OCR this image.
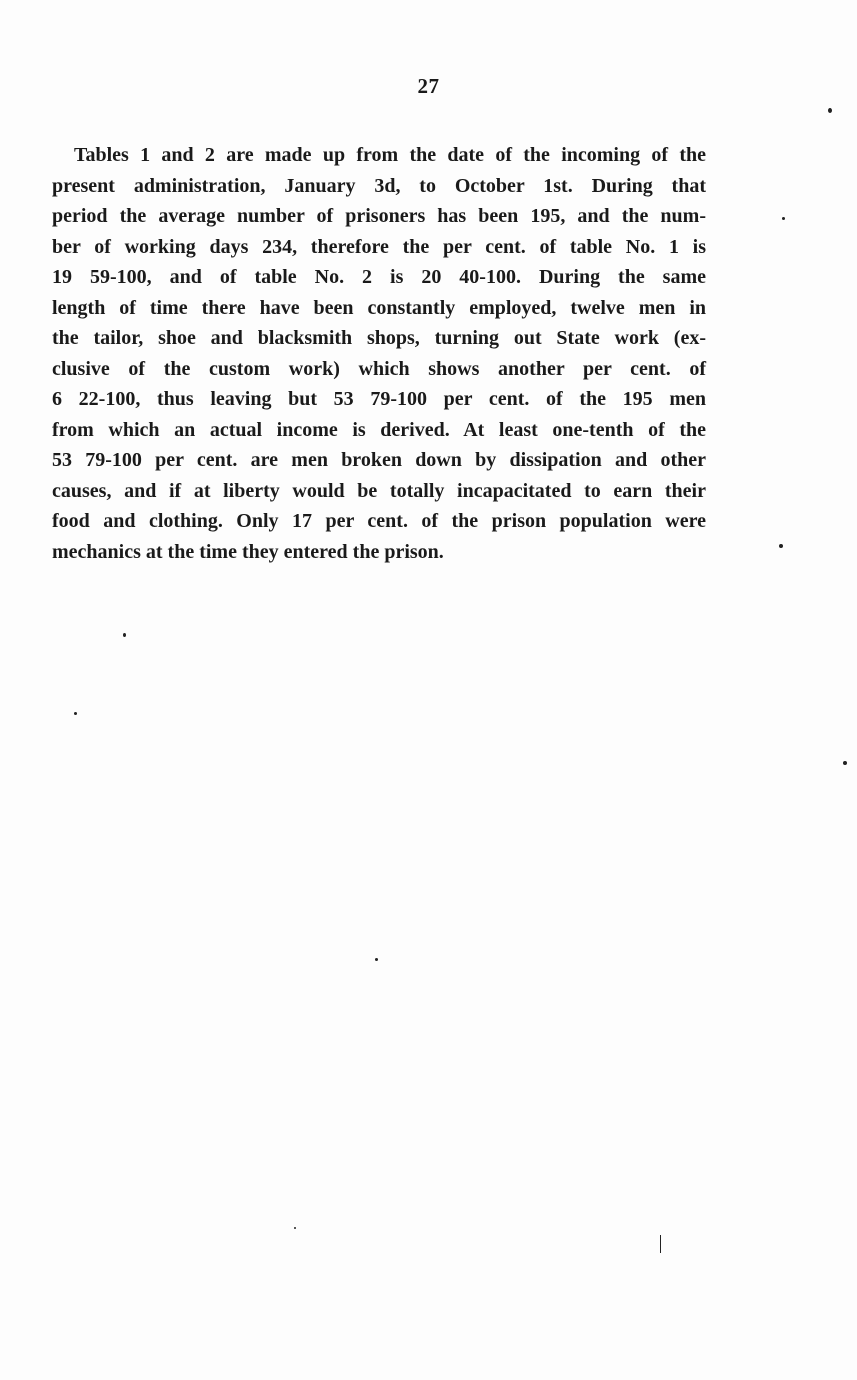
27
Tables 1 and 2 are made up from the date of the incoming of the
present administration, January 3d, to October 1st. During that
period the average number of prisoners has been 195, and the num-
ber of working days 234, therefore the per cent. of table No. 1 is
19 59-100, and of table No. 2 is 20 40-100. During the same
length of time there have been constantly employed, twelve men in
the tailor, shoe and blacksmith shops, turning out State work (ex-
clusive of the custom work) which shows another per cent. of
6 22-100, thus leaving but 53 79-100 per cent. of the 195 men
from which an actual income is derived. At least one-tenth of the
53 79-100 per cent. are men broken down by dissipation and other
causes, and if at liberty would be totally incapacitated to earn their
food and clothing. Only 17 per cent. of the prison population were
mechanics at the time they entered the prison.
